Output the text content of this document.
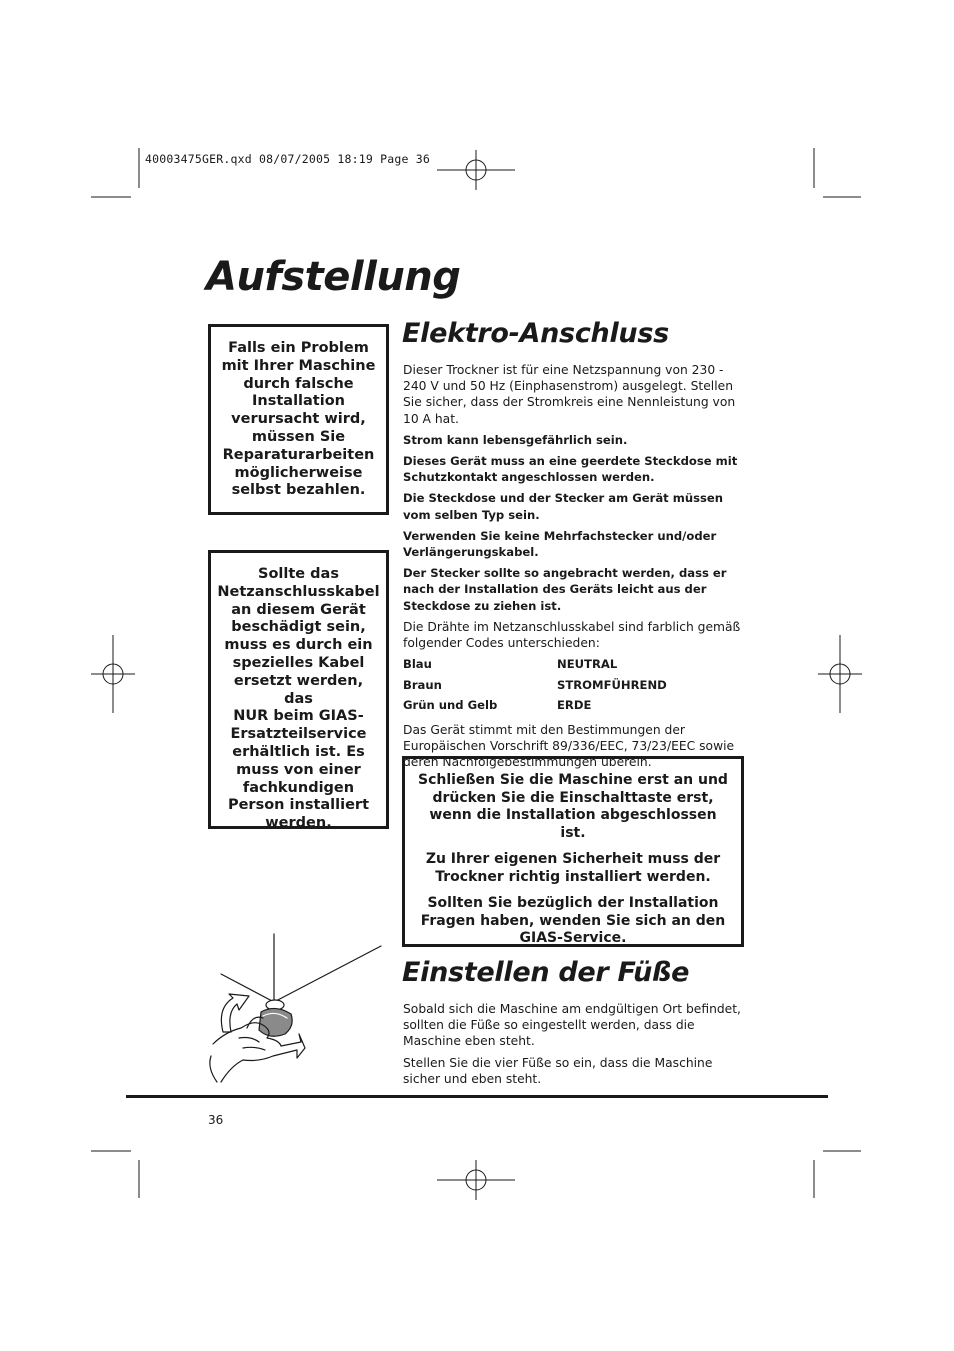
40003475GER.qxd 08/07/2005 18:19 Page 36
Aufstellung
Falls ein Problem
mit Ihrer Maschine
durch falsche
Installation
verursacht wird,
müssen Sie
Reparaturarbeiten
möglicherweise
selbst bezahlen.
Sollte das
Netzanschlusskabel
an diesem Gerät
beschädigt sein,
muss es durch ein
spezielles Kabel
ersetzt werden, das
NUR beim GIAS-
Ersatzteilservice
erhältlich ist. Es
muss von einer
fachkundigen
Person installiert
werden.
Elektro-Anschluss

Dieser Trockner ist für eine Netzspannung von 230 - 240 V und 50 Hz (Einphasenstrom) ausgelegt. Stellen Sie sicher, dass der Stromkreis eine Nennleistung von 10 A hat.

Strom kann lebensgefährlich sein.

Dieses Gerät muss an eine geerdete Steckdose mit Schutzkontakt angeschlossen werden.

Die Steckdose und der Stecker am Gerät müssen vom selben Typ sein.

Verwenden Sie keine Mehrfachstecker und/oder Verlängerungskabel.

Der Stecker sollte so angebracht werden, dass er nach der Installation des Geräts leicht aus der Steckdose zu ziehen ist.

Die Drähte im Netzanschlusskabel sind farblich gemäß folgender Codes unterschieden:

Blau	NEUTRAL
Braun	STROMFÜHREND
Grün und Gelb	ERDE

Das Gerät stimmt mit den Bestimmungen der Europäischen Vorschrift 89/336/EEC, 73/23/EEC sowie deren Nachfolgebestimmungen überein.

Schließen Sie die Maschine erst an und drücken Sie die Einschalttaste erst, wenn die Installation abgeschlossen ist.

Zu Ihrer eigenen Sicherheit muss der Trockner richtig installiert werden.

Sollten Sie bezüglich der Installation Fragen haben, wenden Sie sich an den GIAS-Service.

Einstellen der Füße

Sobald sich die Maschine am endgültigen Ort befindet, sollten die Füße so eingestellt werden, dass die Maschine eben steht.

Stellen Sie die vier Füße so ein, dass die Maschine sicher und eben steht.

36
